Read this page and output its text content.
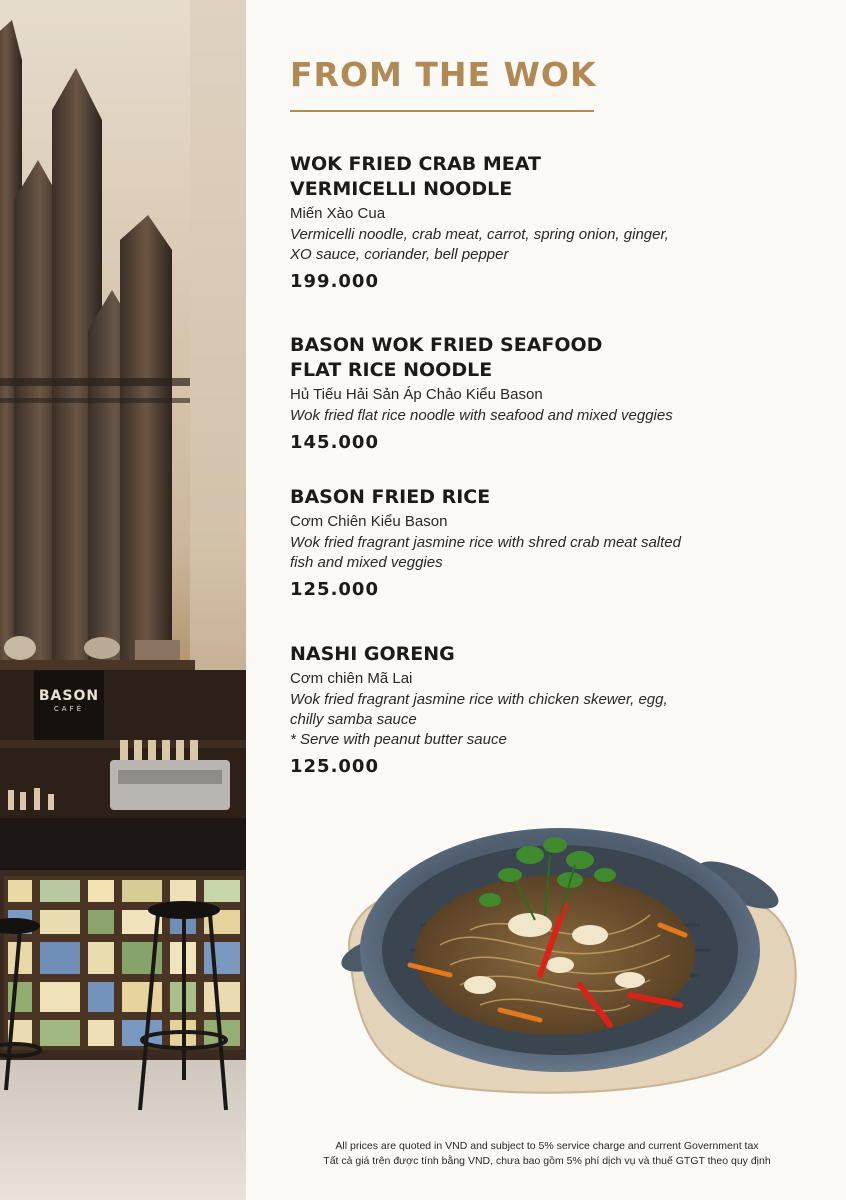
BASON
CAFÉ
FROM THE WOK
WOK FRIED CRAB MEAT
VERMICELLI NOODLE
Miến Xào Cua
Vermicelli noodle, crab meat, carrot, spring onion, ginger,
XO sauce, coriander, bell pepper
199.000
BASON WOK FRIED SEAFOOD
FLAT RICE NOODLE
Hủ Tiếu Hải Sản Áp Chảo Kiểu Bason
Wok fried flat rice noodle with seafood and mixed veggies
145.000
BASON FRIED RICE
Cơm Chiên Kiểu Bason
Wok fried fragrant jasmine rice with shred crab meat salted
fish and mixed veggies
125.000
NASHI GORENG
Cơm chiên Mã Lai
Wok fried fragrant jasmine rice with chicken skewer, egg,
chilly samba sauce
* Serve with peanut butter sauce
125.000
All prices are quoted in VND and subject to 5% service charge and current Government tax
Tất cả giá trên được tính bằng VND, chưa bao gồm 5% phí dịch vụ và thuế GTGT theo quy định
